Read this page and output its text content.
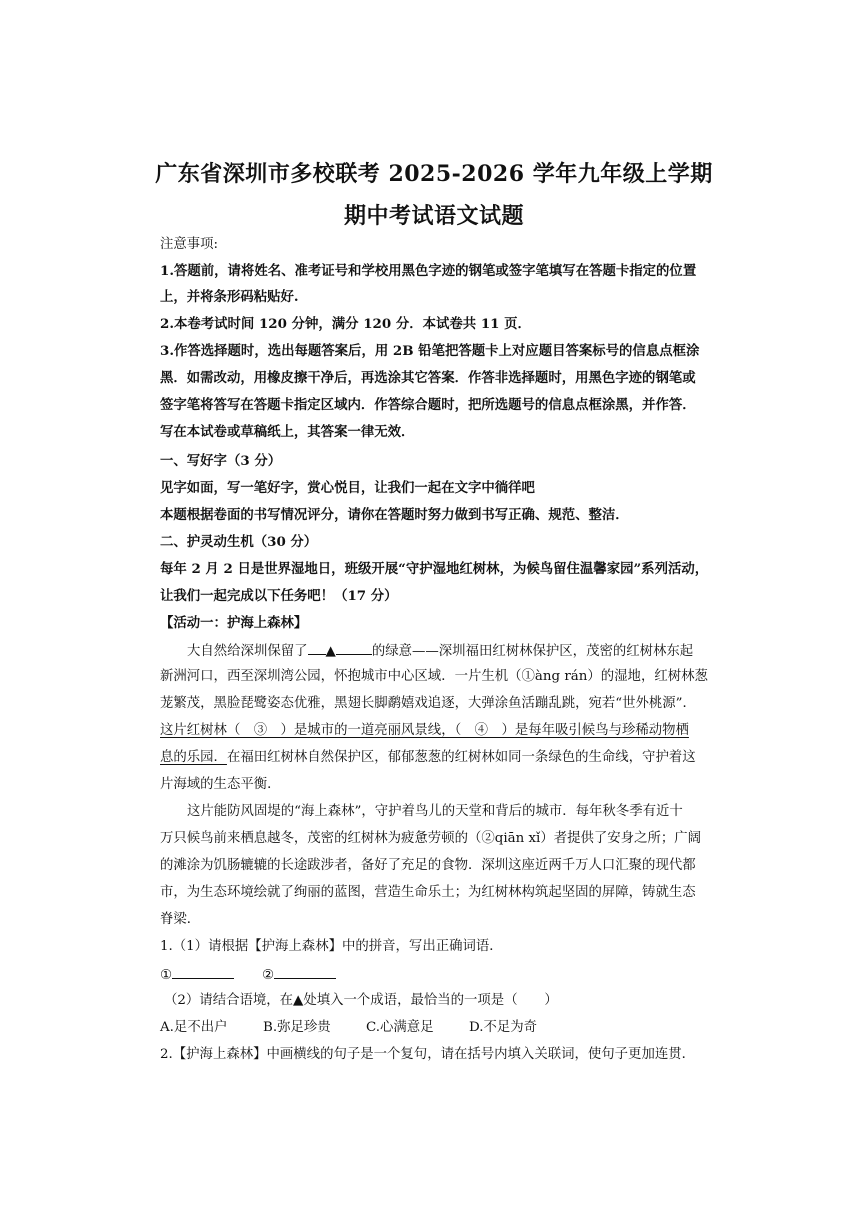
广东省深圳市多校联考 2025-2026 学年九年级上学期
期中考试语文试题
注意事项:
1.答题前，请将姓名、准考证号和学校用黑色字迹的钢笔或签字笔填写在答题卡指定的位置
上，并将条形码粘贴好.
2.本卷考试时间 120 分钟，满分 120 分．本试卷共 11 页．
3.作答选择题时，选出每题答案后，用 2B 铅笔把答题卡上对应题目答案标号的信息点框涂
黑．如需改动，用橡皮擦干净后，再选涂其它答案．作答非选择题时，用黑色字迹的钢笔或
签字笔将答写在答题卡指定区域内．作答综合题时，把所选题号的信息点框涂黑，并作答．
写在本试卷或草稿纸上，其答案一律无效．
一、写好字（3 分）
见字如面，写一笔好字，赏心悦目，让我们一起在文字中徜徉吧
本题根据卷面的书写情况评分，请你在答题时努力做到书写正确、规范、整洁．
二、护灵动生机（30 分）
每年 2 月 2 日是世界湿地日，班级开展“守护湿地红树林，为候鸟留住温馨家园”系列活动，
让我们一起完成以下任务吧！（17 分）
【活动一：护海上森林】
大自然给深圳保留了 ▲	的绿意——深圳福田红树林保护区，茂密的红树林东起
新洲河口，西至深圳湾公园，怀抱城市中心区域．一片生机（①àng rán）的湿地，红树林葱
茏繁茂，黑脸琵鹭姿态优雅，黑翅长脚鹬嬉戏追逐，大弹涂鱼活蹦乱跳，宛若“世外桃源”．
这片红树林（　③　）是城市的一道亮丽风景线，（　④　）是每年吸引候鸟与珍稀动物栖
息的乐园．在福田红树林自然保护区，郁郁葱葱的红树林如同一条绿色的生命线，守护着这
片海域的生态平衡．
这片能防风固堤的“海上森林”，守护着鸟儿的天堂和背后的城市．每年秋冬季有近十
万只候鸟前来栖息越冬，茂密的红树林为疲惫劳顿的（②qiān xǐ）者提供了安身之所；广阔
的滩涂为饥肠辘辘的长途跋涉者，备好了充足的食物．深圳这座近两千万人口汇聚的现代都
市，为生态环境绘就了绚丽的蓝图，营造生命乐土；为红树林构筑起坚固的屏障，铸就生态
脊梁．
1.（1）请根据【护海上森林】中的拼音，写出正确词语．
①	②
（2）请结合语境，在▲处填入一个成语，最恰当的一项是（　　）
A.足不出户	B.弥足珍贵	C.心满意足	D.不足为奇
2.【护海上森林】中画横线的句子是一个复句，请在括号内填入关联词，使句子更加连贯．
